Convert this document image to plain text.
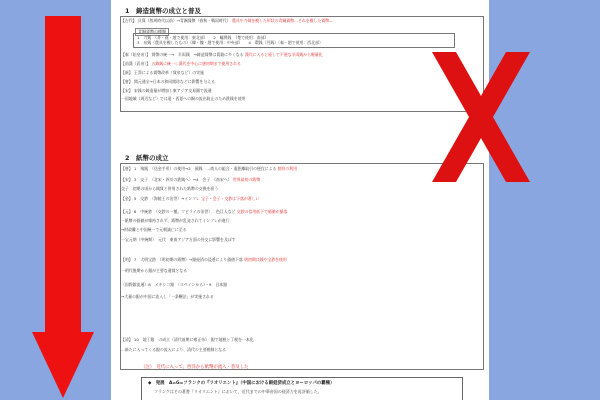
1　鋳造貨幣の成立と普及
【古代】 貝貨（殷周時代以前）→青銅貨幣（春秋・戦国時代） 農具や刀剣を模した形状の青銅貨幣…それを模した貨幣—
青銅貨幣の種類
1　刀銭　（斉・燕・趙で使用：東北部）　　2　蟻鼻銭　（楚で使用：南部）
3　布銭（農具を模したもの）（韓・魏・趙で使用：中央部）　　4　環銭（円銭）（秦・趙で使用：西北部）
【秦（始皇帝）】 貨幣の統一→　半両銭　→鋳造貨幣は貫穀に多くなる 漢代に入ると廃して不便な半両銭から軽量化
【前漢（武帝）】 五銖銭に統一し漢代を中心に唐初期まで使用される
【新】 王莽による貨幣改革（貨泉など）の実施
【唐】 開元通宝→日本の和同開珎などに影響を与える
【宋】 宋銭の鋳造量が増加し東アジア交易圏で流通
一国地域（周辺など）では遠・西夏への銅の流出防止のため鉄銭を使用
2　紙幣の成立
【唐】 1　飛銭　（送金手形）の使用→2　預銭　…商人の組合・遠距離取引の便宜による 割符の利用
【宋】 3　交子　（北宋・四川の鉄銭へ）→4　会子　（南宋へ） 世界最初の紙幣
交子　初期の頃から銭貨と併用された紙幣の交換を担う
【金】 5　交鈔　（海陵王の治世）→インフレ 宝子・会子・交鈔は下落が著しい
【元】 6　中統鈔　（交鈔の一種。フビライの治世）：色目人など 交鈔の信用低下で価値が暴落
一紙幣の価値が維持されず、紙幣が乱発されてインフレが進行
→財政難と中国統一で元朝滅亡に至る
一宝元期（中統期）　元代　東南アジア方面の外交に影響を及ぼす
【明】 7　大明宝鈔　（明初期の紙幣）→銀経済の浸透により価値下落 明初期は銭や宝鈔を使用
一明代後期から銀が主要な通貨となる
（国際銀流通）8　メキシコ銀　（スペインから）・9　日本銀
→大量の銀が中国に流入し「一条鞭法」が実施される
【清】 10　地丁銀　の成立（清代前期に雍正帝）　銀で地税と丁税を一本化
…新たに入ってくる銀の流入により、清代の主要税制となる
（注）　近代に入って、西洋から紙幣が流入・普及した
◆　発展　A=G=フランクの『リオリエント』（中国における銀経済成立とヨーロッパの覇権）
フランクはその著書『リオリエント』において、近代までの中華帝国の経済力を再評価した。
